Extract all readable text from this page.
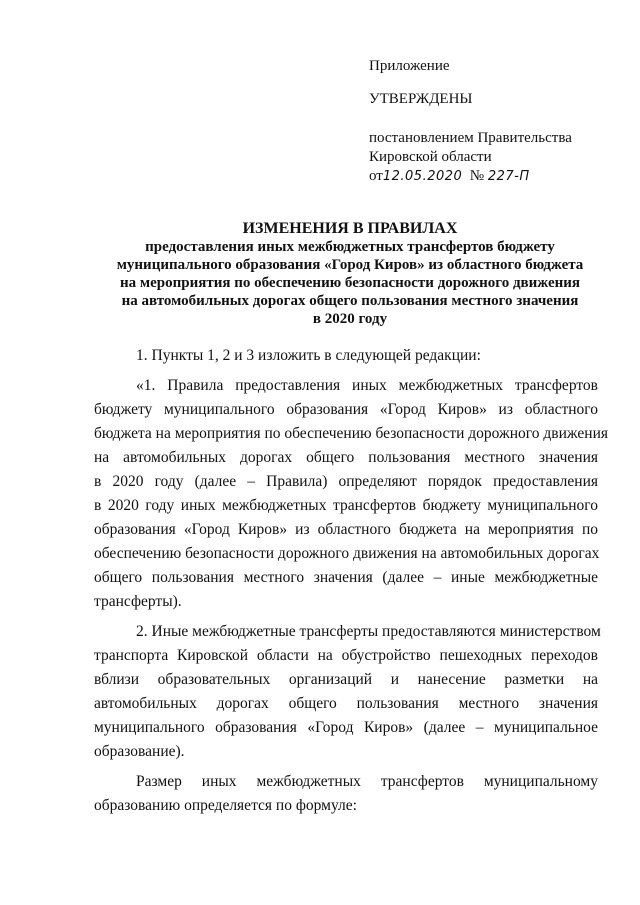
Приложение
УТВЕРЖДЕНЫ
постановлением Правительства
Кировской области
от12.05.2020 № 227-П
ИЗМЕНЕНИЯ В ПРАВИЛАХ
предоставления иных межбюджетных трансфертов бюджету
муниципального образования «Город Киров» из областного бюджета
на мероприятия по обеспечению безопасности дорожного движения
на автомобильных дорогах общего пользования местного значения
в 2020 году

1. Пункты 1, 2 и 3 изложить в следующей редакции:

«1. Правила предоставления иных межбюджетных трансфертов
бюджету муниципального образования «Город Киров» из областного
бюджета на мероприятия по обеспечению безопасности дорожного движения
на автомобильных дорогах общего пользования местного значения
в 2020 году (далее – Правила) определяют порядок предоставления
в 2020 году иных межбюджетных трансфертов бюджету муниципального
образования «Город Киров» из областного бюджета на мероприятия по
обеспечению безопасности дорожного движения на автомобильных дорогах
общего пользования местного значения (далее – иные межбюджетные
трансферты).
2. Иные межбюджетные трансферты предоставляются министерством
транспорта Кировской области на обустройство пешеходных переходов
вблизи образовательных организаций и нанесение разметки на
автомобильных дорогах общего пользования местного значения
муниципального образования «Город Киров» (далее – муниципальное
образование).
Размер иных межбюджетных трансфертов муниципальному
образованию определяется по формуле:
